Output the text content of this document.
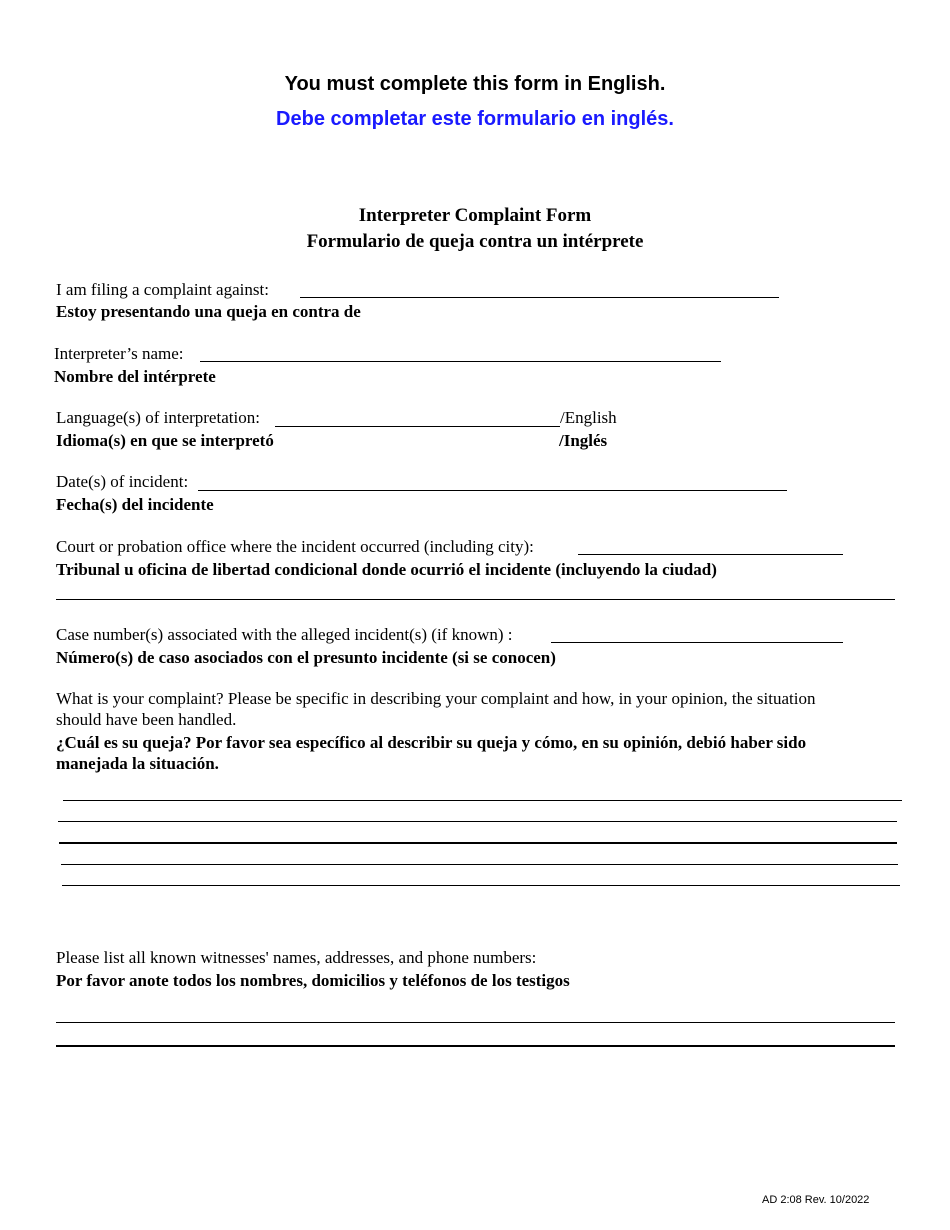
You must complete this form in English.
Debe completar este formulario en inglés.
Interpreter Complaint Form
Formulario de queja contra un intérprete
I am filing a complaint against:
Estoy presentando una queja en contra de
Interpreter’s name:
Nombre del intérprete
Language(s) of interpretation:	/English
Idioma(s) en que se interpretó	/Inglés
Date(s) of incident:
Fecha(s) del incidente
Court or probation office where the incident occurred (including city):
Tribunal u oficina de libertad condicional donde ocurrió el incidente (incluyendo la ciudad)
Case number(s) associated with the alleged incident(s) (if known) :
Número(s) de caso asociados con el presunto incidente (si se conocen)
What is your complaint? Please be specific in describing your complaint and how, in your opinion, the situation
should have been handled.
¿Cuál es su queja? Por favor sea específico al describir su queja y cómo, en su opinión, debió haber sido
manejada la situación.
Please list all known witnesses' names, addresses, and phone numbers:
Por favor anote todos los nombres, domicilios y teléfonos de los testigos
AD 2:08 Rev. 10/2022
